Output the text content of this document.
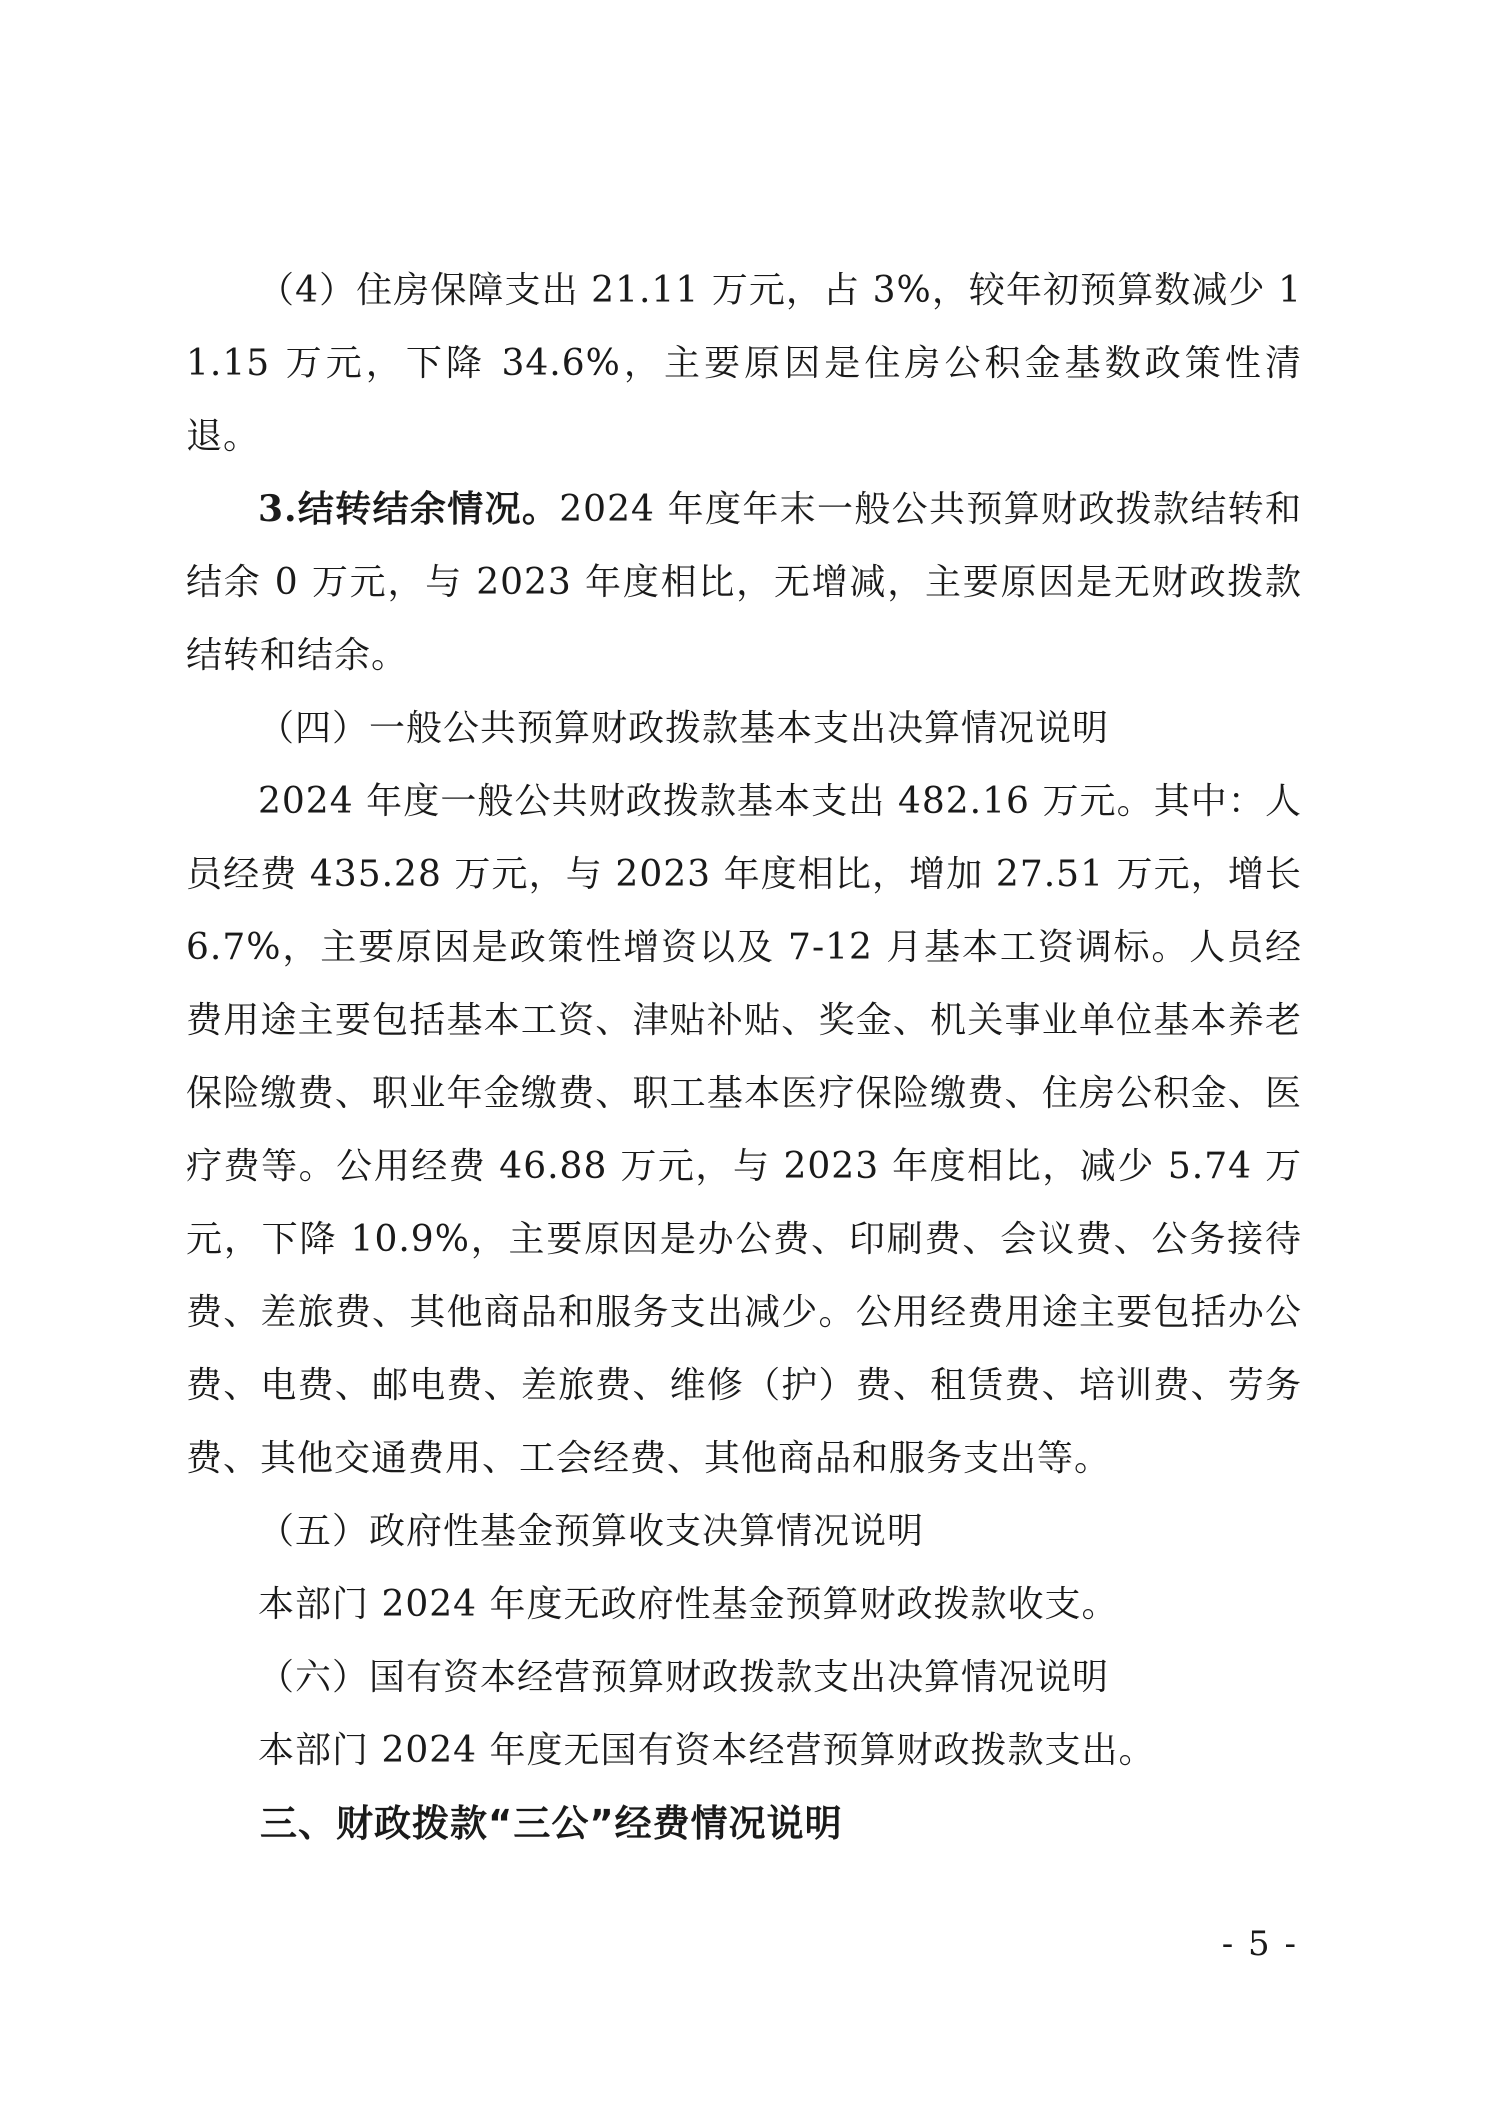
（4）住房保障支出 21.11 万元，占 3%，较年初预算数减少 11.15 万元，下降 34.6%，主要原因是住房公积金基数政策性清退。

3.结转结余情况。2024 年度年末一般公共预算财政拨款结转和结余 0 万元，与 2023 年度相比，无增减，主要原因是无财政拨款结转和结余。

（四）一般公共预算财政拨款基本支出决算情况说明

2024 年度一般公共财政拨款基本支出 482.16 万元。其中：人员经费 435.28 万元，与 2023 年度相比，增加 27.51 万元，增长 6.7%，主要原因是政策性增资以及 7-12 月基本工资调标。人员经费用途主要包括基本工资、津贴补贴、奖金、机关事业单位基本养老保险缴费、职业年金缴费、职工基本医疗保险缴费、住房公积金、医疗费等。公用经费 46.88 万元，与 2023 年度相比，减少 5.74 万元，下降 10.9%，主要原因是办公费、印刷费、会议费、公务接待费、差旅费、其他商品和服务支出减少。公用经费用途主要包括办公费、电费、邮电费、差旅费、维修（护）费、租赁费、培训费、劳务费、其他交通费用、工会经费、其他商品和服务支出等。

（五）政府性基金预算收支决算情况说明

本部门 2024 年度无政府性基金预算财政拨款收支。

（六）国有资本经营预算财政拨款支出决算情况说明

本部门 2024 年度无国有资本经营预算财政拨款支出。

三、财政拨款“三公”经费情况说明

- 5 -
